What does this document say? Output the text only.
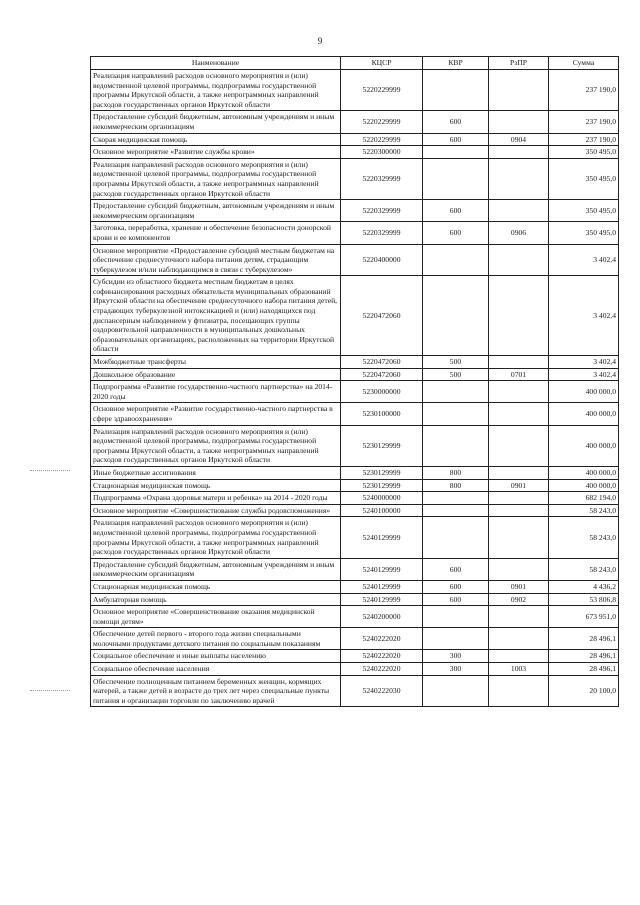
9
Наименование	КЦСР	КВР	РзПР	Сумма
Реализация направлений расходов основного мероприятия и (или) ведомственной целевой программы, подпрограммы государственной программы Иркутской области, а также непрограммных направлений расходов государственных органов Иркутской области	5220229999			237 190,0
Предоставление субсидий бюджетным, автономным учреждениям и иным некоммерческим организациям	5220229999	600		237 190,0
Скорая медицинская помощь	5220229999	600	0904	237 190,0
Основное мероприятие «Развитие службы крови»	5220300000			350 495,0
Реализация направлений расходов основного мероприятия и (или) ведомственной целевой программы, подпрограммы государственной программы Иркутской области, а также непрограммных направлений расходов государственных органов Иркутской области	5220329999			350 495,0
Предоставление субсидий бюджетным, автономным учреждениям и иным некоммерческим организациям	5220329999	600		350 495,0
Заготовка, переработка, хранение и обеспечение безопасности донорской крови и ее компонентов	5220329999	600	0906	350 495,0
Основное мероприятие «Предоставление субсидий местным бюджетам на обеспечение среднесуточного набора питания детям, страдающим туберкулезом и/или наблюдающимся в связи с туберкулезом»	5220400000			3 402,4
Субсидии из областного бюджета местным бюджетам в целях софинансирования расходных обязательств муниципальных образований Иркутской области на обеспечение среднесуточного набора питания детей, страдающих туберкулезной интоксикацией и (или) находящихся под диспансерным наблюдением у фтизиатра, посещающих группы оздоровительной направленности в муниципальных дошкольных образовательных организациях, расположенных на территории Иркутской области	5220472060			3 402,4
Межбюджетные трансферты	5220472060	500		3 402,4
Дошкольное образование	5220472060	500	0701	3 402,4
Подпрограмма «Развитие государственно-частного партнерства» на 2014-2020 годы	5230000000			400 000,0
Основное мероприятие «Развитие государственно-частного партнерства в сфере здравоохранения»	5230100000			400 000,0
Реализация направлений расходов основного мероприятия и (или) ведомственной целевой программы, подпрограммы государственной программы Иркутской области, а также непрограммных направлений расходов государственных органов Иркутской области	5230129999			400 000,0
Иные бюджетные ассигнования	5230129999	800		400 000,0
Стационарная медицинская помощь	5230129999	800	0901	400 000,0
Подпрограмма «Охрана здоровья матери и ребенка» на 2014 - 2020 годы	5240000000			682 194,0
Основное мероприятие «Совершенствование службы родовспоможения»	5240100000			58 243,0
Реализация направлений расходов основного мероприятия и (или) ведомственной целевой программы, подпрограммы государственной программы Иркутской области, а также непрограммных направлений расходов государственных органов Иркутской области	5240129999			58 243,0
Предоставление субсидий бюджетным, автономным учреждениям и иным некоммерческим организациям	5240129999	600		58 243,0
Стационарная медицинская помощь	5240129999	600	0901	4 436,2
Амбулаторная помощь	5240129999	600	0902	53 806,8
Основное мероприятие «Совершенствование оказания медицинской помощи детям»	5240200000			673 951,0
Обеспечение детей первого - второго года жизни специальными молочными продуктами детского питания по социальным показаниям	5240222020			28 496,1
Социальное обеспечение и иные выплаты населению	5240222020	300		28 496,1
Социальное обеспечение населения	5240222020	300	1003	28 496,1
Обеспечение полноценным питанием беременных женщин, кормящих матерей, а также детей в возрасте до трех лет через специальные пункты питания и организации торговли по заключению врачей	5240222030			20 100,0
